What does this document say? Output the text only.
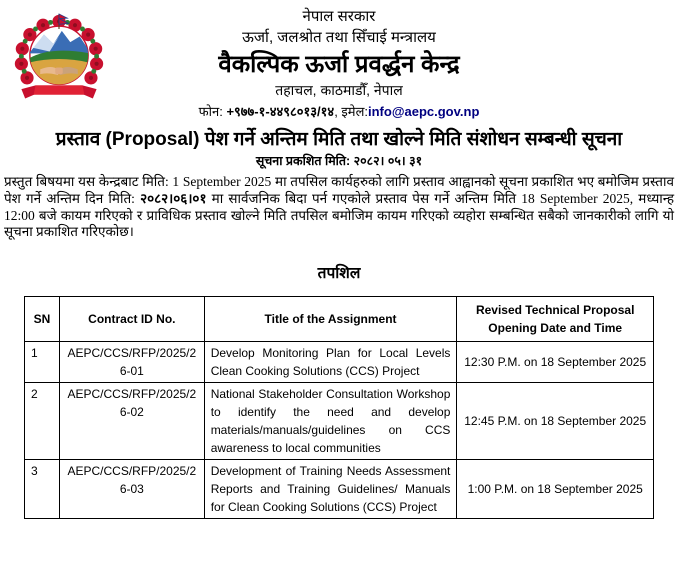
नेपाल सरकार
ऊर्जा, जलश्रोत तथा सिँचाई मन्त्रालय
वैकल्पिक ऊर्जा प्रवर्द्धन केन्द्र
तहाचल, काठमाडौँ, नेपाल
फोन: +९७७-१-४४९८०१३/१४, इमेल:info@aepc.gov.np
प्रस्ताव (Proposal) पेश गर्ने अन्तिम मिति तथा खोल्ने मिति संशोधन सम्बन्धी सूचना
सूचना प्रकशित मिति: २०८२। ०५। ३१

प्रस्तुत बिषयमा यस केन्द्रबाट मिति: 1 September 2025 मा तपसिल कार्यहरुको लागि प्रस्ताव आह्वानको सूचना प्रकाशित भए बमोजिम प्रस्ताव पेश गर्ने अन्तिम दिन मिति: २०८२।०६।०१ मा सार्वजनिक बिदा पर्न गएकोले प्रस्ताव पेस गर्ने अन्तिम मिति 18 September 2025, मध्यान्ह 12:00 बजे कायम गरिएको र प्राविधिक प्रस्ताव खोल्ने मिति तपसिल बमोजिम कायम गरिएको व्यहोरा सम्बन्धित सबैको जानकारीको लागि यो सूचना प्रकाशित गरिएकोछ।

तपशिल
SN	Contract ID No.	Title of the Assignment	Revised Technical Proposal Opening Date and Time
1	AEPC/CCS/RFP/2025/26-01	Develop Monitoring Plan for Local Levels Clean Cooking Solutions (CCS) Project	12:30 P.M. on 18 September 2025
2	AEPC/CCS/RFP/2025/26-02	National Stakeholder Consultation Workshop to identify the need and develop materials/manuals/guidelines on CCS awareness to local communities	12:45 P.M. on 18 September 2025
3	AEPC/CCS/RFP/2025/26-03	Development of Training Needs Assessment Reports and Training Guidelines/ Manuals for Clean Cooking Solutions (CCS) Project	1:00 P.M. on 18 September 2025
